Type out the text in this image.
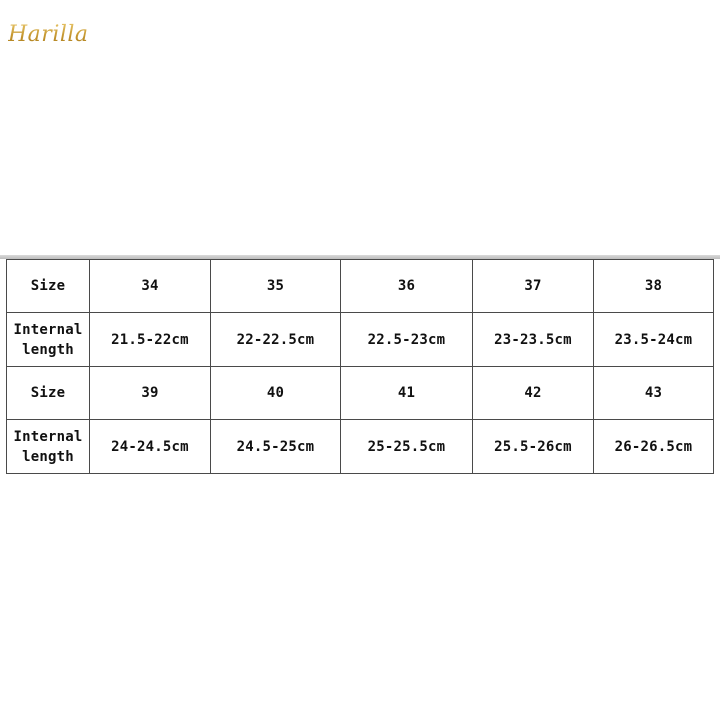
Harilla
Size	34	35	36	37	38
Internal
length	21.5-22cm	22-22.5cm	22.5-23cm	23-23.5cm	23.5-24cm
Size	39	40	41	42	43
Internal
length	24-24.5cm	24.5-25cm	25-25.5cm	25.5-26cm	26-26.5cm
